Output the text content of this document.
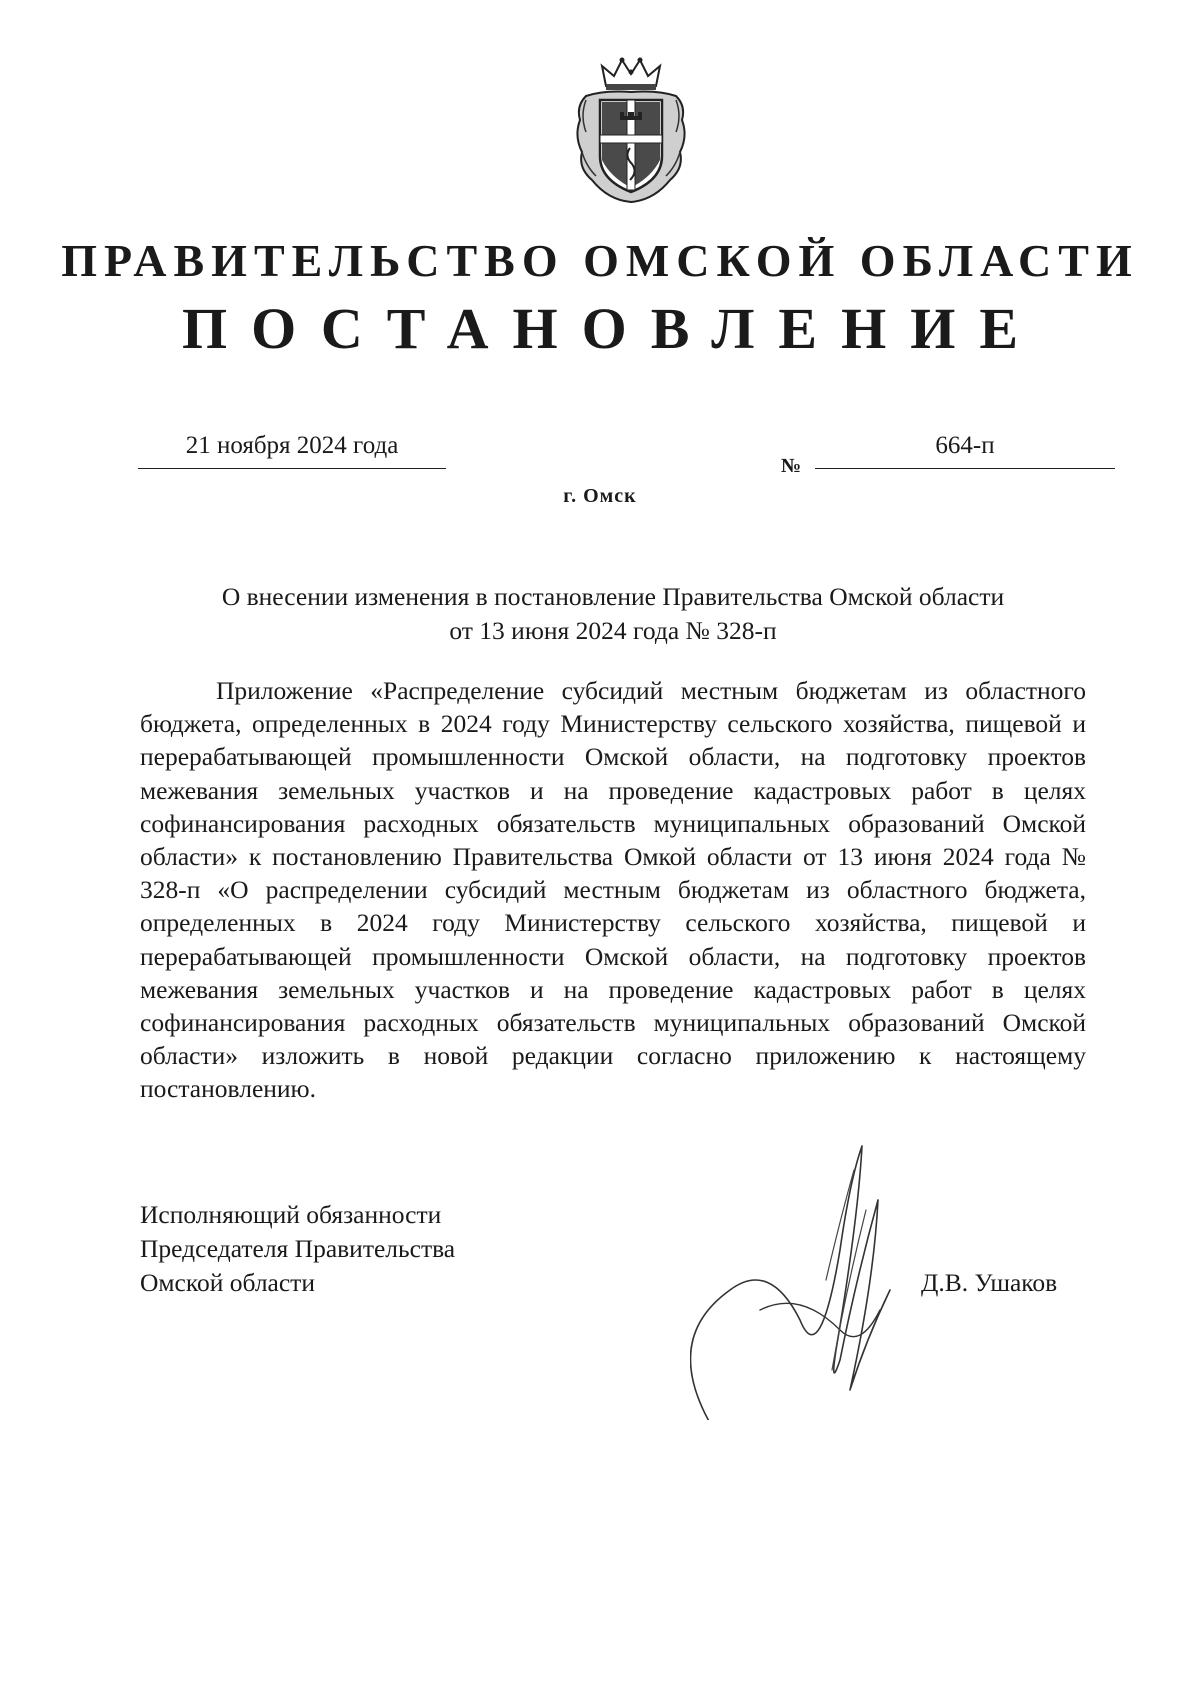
ПРАВИТЕЛЬСТВО ОМСКОЙ ОБЛАСТИ
ПОСТАНОВЛЕНИЕ
21 ноября 2024 года
№
664-п
г. Омск
О внесении изменения в постановление Правительства Омской области
от 13 июня 2024 года № 328-п
Приложение «Распределение субсидий местным бюджетам из областного бюджета, определенных в 2024 году Министерству сельского хозяйства, пищевой и перерабатывающей промышленности Омской области, на подготовку проектов межевания земельных участков и на проведение кадастровых работ в целях софинансирования расходных обязательств муниципальных образований Омской области» к постановлению Правительства Омкой области от 13 июня 2024 года № 328-п «О распределении субсидий местным бюджетам из областного бюджета, определенных в 2024 году Министерству сельского хозяйства, пищевой и перерабатывающей промышленности Омской области, на подготовку проектов межевания земельных участков и на проведение кадастровых работ в целях софинансирования расходных обязательств муниципальных образований Омской области» изложить в новой редакции согласно приложению к настоящему постановлению.
Исполняющий обязанности
Председателя Правительства
Омской области	Д.В. Ушаков
